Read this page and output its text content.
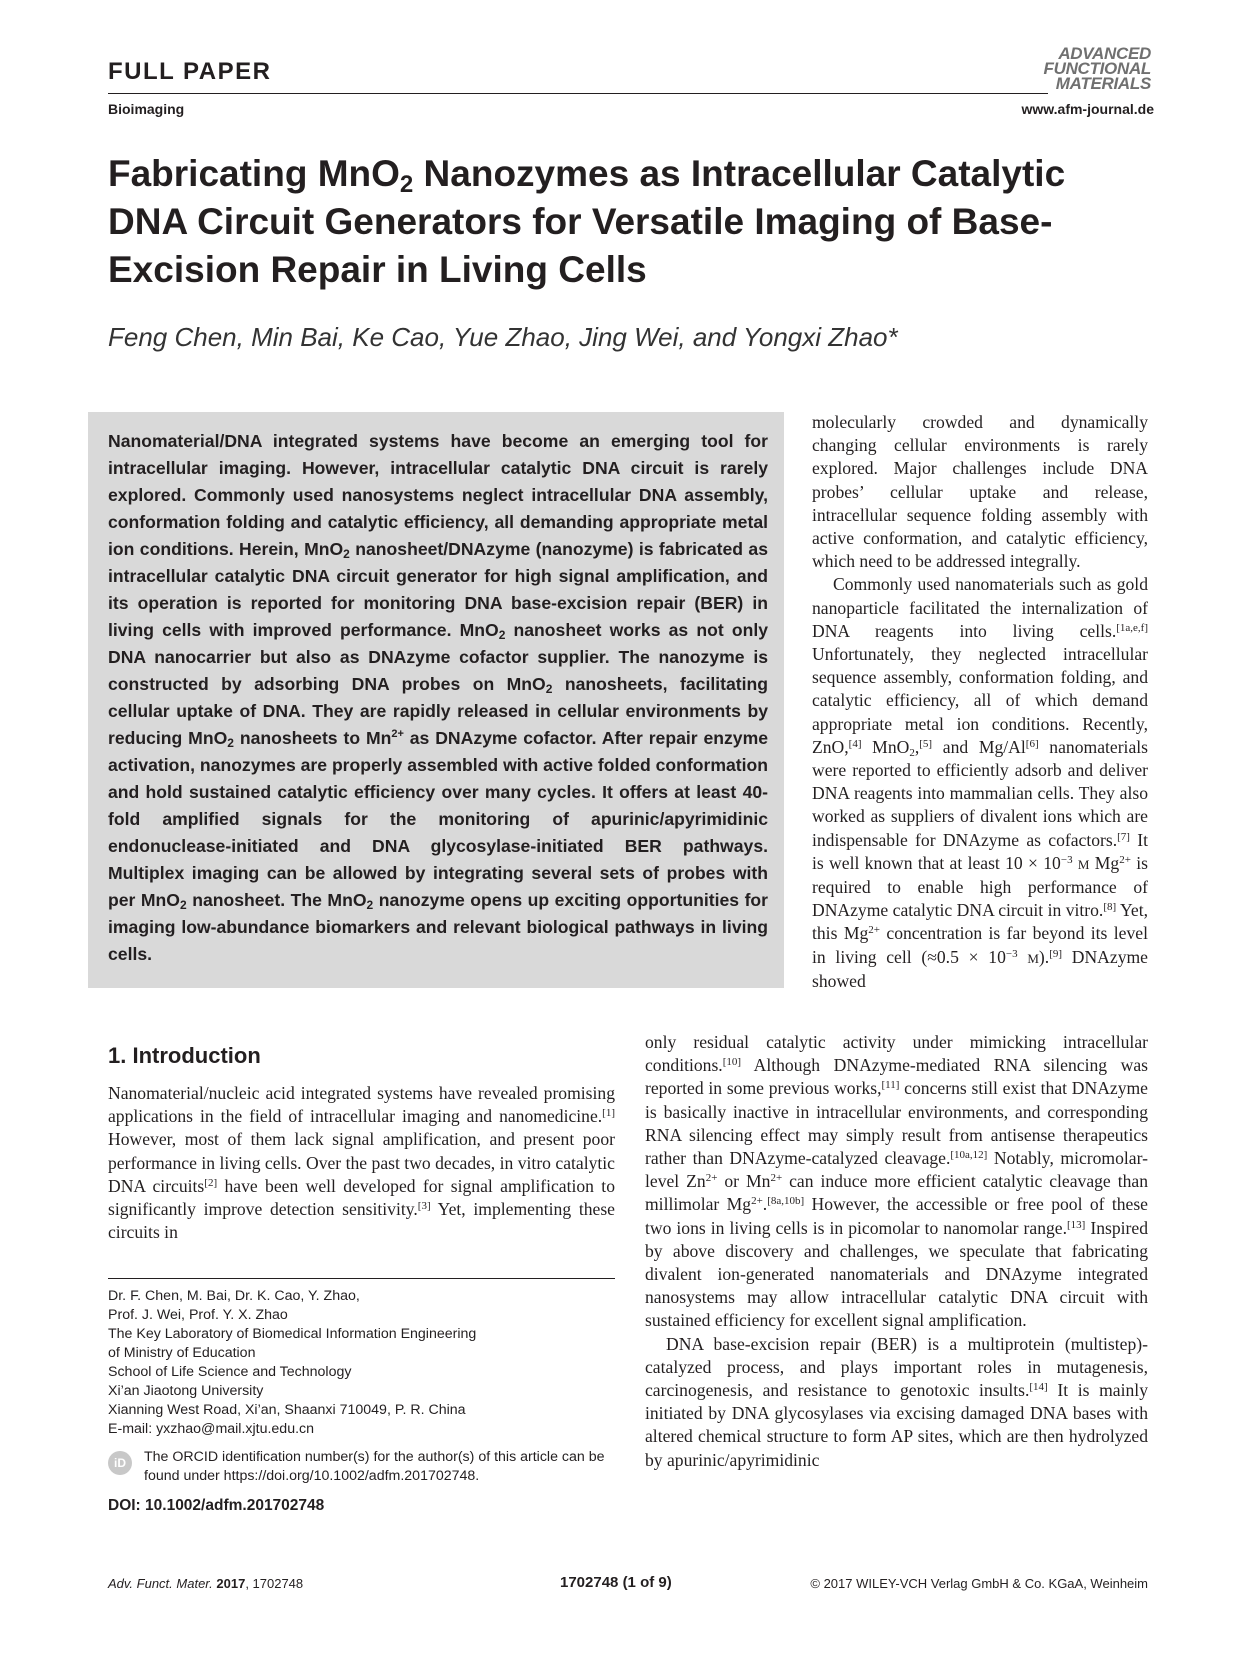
FULL PAPER
Bioimaging
ADVANCED
FUNCTIONAL
MATERIALS
www.afm-journal.de
Fabricating MnO$_2$ Nanozymes as Intracellular Catalytic DNA Circuit Generators for Versatile Imaging of Base-Excision Repair in Living Cells
Feng Chen, Min Bai, Ke Cao, Yue Zhao, Jing Wei, and Yongxi Zhao*

Nanomaterial/DNA integrated systems have become an emerging tool for intracellular imaging. However, intracellular catalytic DNA circuit is rarely explored. Commonly used nanosystems neglect intracellular DNA assembly, conformation folding and catalytic efficiency, all demanding appropriate metal ion conditions. Herein, MnO$_2$ nanosheet/DNAzyme (nanozyme) is fabricated as intracellular catalytic DNA circuit generator for high signal amplification, and its operation is reported for monitoring DNA base-excision repair (BER) in living cells with improved performance. MnO$_2$ nanosheet works as not only DNA nanocarrier but also as DNAzyme cofactor supplier. The nanozyme is constructed by adsorbing DNA probes on MnO$_2$ nanosheets, facilitating cellular uptake of DNA. They are rapidly released in cellular environments by reducing MnO$_2$ nanosheets to $Mn^{2+}$ as DNAzyme cofactor. After repair enzyme activation, nanozymes are properly assembled with active folded conformation and hold sustained catalytic efficiency over many cycles. It offers at least 40-fold amplified signals for the monitoring of apurinic/apyrimidinic endonuclease-initiated and DNA glycosylase-initiated BER pathways. Multiplex imaging can be allowed by integrating several sets of probes with per MnO$_2$ nanosheet. The MnO$_2$ nanozyme opens up exciting opportunities for imaging low-abundance biomarkers and relevant biological pathways in living cells.

molecularly crowded and dynamically changing cellular environments is rarely explored. Major challenges include DNA probes’ cellular uptake and release, intracellular sequence folding assembly with active conformation, and catalytic efficiency, which need to be addressed integrally.

Commonly used nanomaterials such as gold nanoparticle facilitated the internalization of DNA reagents into living cells.[1a,e,f] Unfortunately, they neglected intracellular sequence assembly, conformation folding, and catalytic efficiency, all of which demand appropriate metal ion conditions. Recently, ZnO,[4] MnO$_2$,[5] and Mg/Al[6] nanomaterials were reported to efficiently adsorb and deliver DNA reagents into mammalian cells. They also worked as suppliers of divalent ions which are indispensable for DNAzyme as cofactors.[7] It is well known that at least $10 \times 10^{-3}$ M $Mg^{2+}$ is required to enable high performance of DNAzyme catalytic DNA circuit in vitro.[8] Yet, this $Mg^{2+}$ concentration is far beyond its level in living cell ($\approx 0.5 \times 10^{-3}$ M).[9] DNAzyme showed

1. Introduction

Nanomaterial/nucleic acid integrated systems have revealed promising applications in the field of intracellular imaging and nanomedicine.[1] However, most of them lack signal amplification, and present poor performance in living cells. Over the past two decades, in vitro catalytic DNA circuits[2] have been well developed for signal amplification to significantly improve detection sensitivity.[3] Yet, implementing these circuits in

only residual catalytic activity under mimicking intracellular conditions.[10] Although DNAzyme-mediated RNA silencing was reported in some previous works,[11] concerns still exist that DNAzyme is basically inactive in intracellular environments, and corresponding RNA silencing effect may simply result from antisense therapeutics rather than DNAzyme-catalyzed cleavage.[10a,12] Notably, micromolar-level $Zn^{2+}$ or $Mn^{2+}$ can induce more efficient catalytic cleavage than millimolar $Mg^{2+}.[8a,10b]$ However, the accessible or free pool of these two ions in living cells is in picomolar to nanomolar range.[13] Inspired by above discovery and challenges, we speculate that fabricating divalent ion-generated nanomaterials and DNAzyme integrated nanosystems may allow intracellular catalytic DNA circuit with sustained efficiency for excellent signal amplification.

DNA base-excision repair (BER) is a multiprotein (multistep)-catalyzed process, and plays important roles in mutagenesis, carcinogenesis, and resistance to genotoxic insults.[14] It is mainly initiated by DNA glycosylases via excising damaged DNA bases with altered chemical structure to form AP sites, which are then hydrolyzed by apurinic/apyrimidinic

Dr. F. Chen, M. Bai, Dr. K. Cao, Y. Zhao,
Prof. J. Wei, Prof. Y. X. Zhao
The Key Laboratory of Biomedical Information Engineering
of Ministry of Education
School of Life Science and Technology
Xi’an Jiaotong University
Xianning West Road, Xi’an, Shaanxi 710049, P. R. China
E-mail: yxzhao@mail.xjtu.edu.cn
iD	The ORCID identification number(s) for the author(s) of this article can be found under https://doi.org/10.1002/adfm.201702748.
DOI: 10.1002/adfm.201702748
Adv. Funct. Mater. 2017, 1702748	1702748 (1 of 9)	© 2017 WILEY-VCH Verlag GmbH & Co. KGaA, Weinheim
